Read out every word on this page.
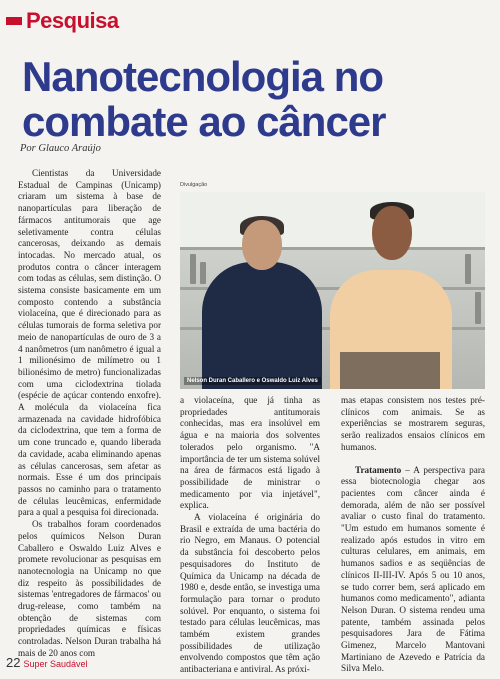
Pesquisa
Nanotecnologia no combate ao câncer
Por Glauco Araújo

Cientistas da Universidade Estadual de Campinas (Unicamp) criaram um sistema à base de nanopartículas para liberação de fármacos antitumorais que age seletivamente contra células cancerosas, deixando as demais intocadas. No mercado atual, os produtos contra o câncer interagem com todas as células, sem distinção. O sistema consiste basicamente em um composto contendo a substância violaceína, que é direcionado para as células tumorais de forma seletiva por meio de nanopartículas de ouro de 3 a 4 nanômetros (um nanômetro é igual a 1 milionésimo de milímetro ou 1 bilionésimo de metro) funcionalizadas com uma ciclodextrina tiolada (espécie de açúcar contendo enxofre). A molécula da violaceína fica armazenada na cavidade hidrofóbica da ciclodextrina, que tem a forma de um cone truncado e, quando liberada da cavidade, acaba eliminando apenas as células cancerosas, sem afetar as normais. Esse é um dos principais passos no caminho para o tratamento de células leucêmicas, enfermidade para a qual a pesquisa foi direcionada.

Os trabalhos foram coordenados pelos químicos Nelson Duran Caballero e Oswaldo Luiz Alves e promete revolucionar as pesquisas em nanotecnologia na Unicamp no que diz respeito às possibilidades de sistemas 'entregadores de fármacos' ou drug-release, como também na obtenção de sistemas com propriedades químicas e físicas controladas. Nelson Duran trabalha há mais de 20 anos com

Divulgação
Nelson Duran Caballero e Oswaldo Luiz Alves

a violaceína, que já tinha as propriedades antitumorais conhecidas, mas era insolúvel em água e na maioria dos solventes tolerados pelo organismo. "A importância de ter um sistema solúvel na área de fármacos está ligado à possibilidade de ministrar o medicamento por via injetável", explica.

A violaceína é originária do Brasil e extraída de uma bactéria do rio Negro, em Manaus. O potencial da substância foi descoberto pelos pesquisadores do Instituto de Química da Unicamp na década de 1980 e, desde então, se investiga uma formulação para tornar o produto solúvel. Por enquanto, o sistema foi testado para células leucêmicas, mas também existem grandes possibilidades de utilização envolvendo compostos que têm ação antibacteriana e antiviral. As próxi-

mas etapas consistem nos testes pré-clínicos com animais. Se as experiências se mostrarem seguras, serão realizados ensaios clínicos em humanos.

Tratamento – A perspectiva para essa biotecnologia chegar aos pacientes com câncer ainda é demorada, além de não ser possível avaliar o custo final do tratamento. "Um estudo em humanos somente é realizado após estudos in vitro em culturas celulares, em animais, em humanos sadios e as seqüências de clínicos II-III-IV. Após 5 ou 10 anos, se tudo correr bem, será aplicado em humanos como medicamento", adianta Nelson Duran. O sistema rendeu uma patente, também assinada pelos pesquisadores Jara de Fátima Gimenez, Marcelo Mantovani Martiniano de Azevedo e Patrícia da Silva Melo.

22 Super Saudável
